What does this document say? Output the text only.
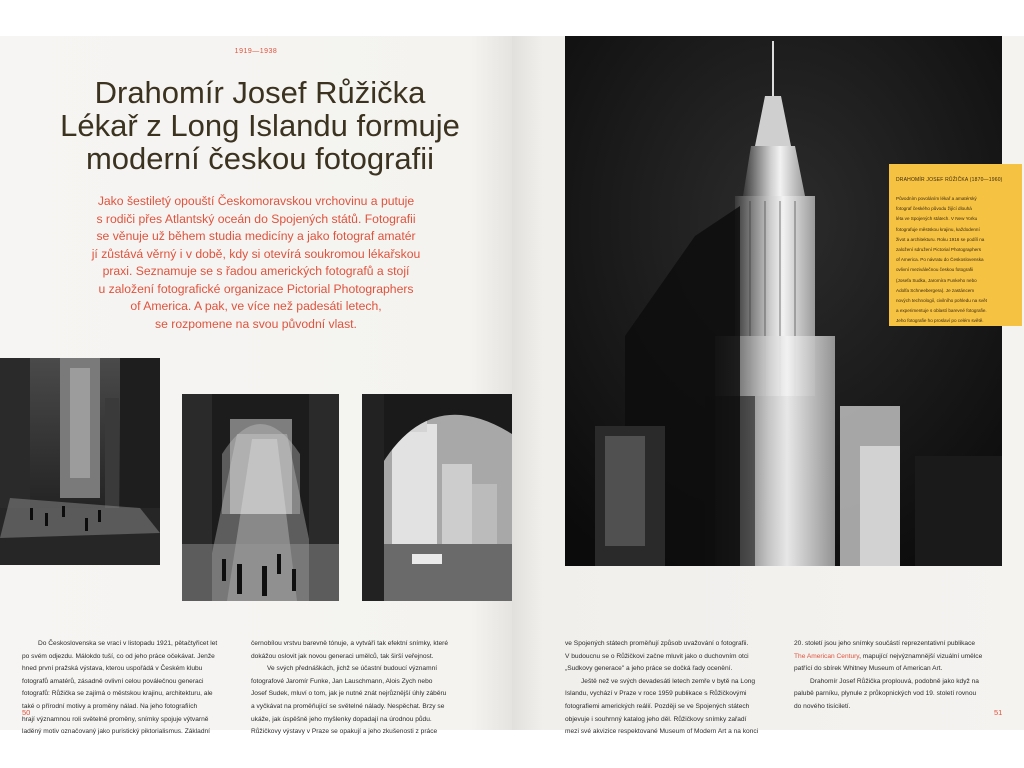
1919—1938
Drahomír Josef Růžička
Lékař z Long Islandu formuje
moderní českou fotografii

Jako šestiletý opouští Českomoravskou vrchovinu a putuje
s rodiči přes Atlantský oceán do Spojených států. Fotografii
se věnuje už během studia medicíny a jako fotograf amatér
jí zůstává věrný i v době, kdy si otevírá soukromou lékařskou
praxi. Seznamuje se s řadou amerických fotografů a stojí
u založení fotografické organizace Pictorial Photographers
of America. A pak, ve více než padesáti letech,
se rozpomene na svou původní vlast.

Do Československa se vrací v listopadu 1921, pětačtyřicet let
po svém odjezdu. Málokdo tuší, co od jeho práce očekávat. Jenže
hned první pražská výstava, kterou uspořádá v Českém klubu
fotografů amatérů, zásadně ovlivní celou poválečnou generaci
fotografů: Růžička se zajímá o městskou krajinu, architekturu, ale
také o přírodní motivy a proměny nálad. Na jeho fotografiích
hrají významnou roli světelné proměny, snímky spojuje výtvarně
laděný motiv označovaný jako puristický piktorialismus. Základní

černobílou vrstvu barevně tónuje, a vytváří tak efektní snímky, které
dokážou oslovit jak novou generaci umělců, tak širší veřejnost.
Ve svých přednáškách, jichž se účastní budoucí významní
fotografové Jaromír Funke, Jan Lauschmann, Alois Zych nebo
Josef Sudek, mluví o tom, jak je nutné znát nejrůznější úhly záběru
a vyčkávat na proměňující se světelné nálady. Nespěchat. Brzy se
ukáže, jak úspěšně jeho myšlenky dopadají na úrodnou půdu.
Růžičkovy výstavy v Praze se opakují a jeho zkušenosti z práce

50	51

ve Spojených státech proměňují způsob uvažování o fotografii.
V budoucnu se o Růžičkovi začne mluvit jako o duchovním otci
„Sudkovy generace" a jeho práce se dočká řady ocenění.
Ještě než ve svých devadesáti letech zemře v bytě na Long
Islandu, vychází v Praze v roce 1959 publikace s Růžičkovými
fotografiemi amerických reálií. Později se ve Spojených státech
objevuje i souhrnný katalog jeho děl. Růžičkovy snímky zařadí
mezi své akvizice respektované Museum of Modern Art a na konci

20. století jsou jeho snímky součástí reprezentativní publikace
The American Century, mapující nejvýznamnější vizuální umělce
patřící do sbírek Whitney Museum of American Art.
Drahomír Josef Růžička proplouvá, podobně jako když na
palubě parníku, plynule z průkopnických vod 19. století rovnou
do nového tisíciletí.

DRAHOMÍR JOSEF RŮŽIČKA (1870—1960)

Původním povoláním lékař a amatérský
fotograf českého původu žijící dlouhá
léta ve Spojených státech. V New Yorku
fotografuje městskou krajinu, každodenní
život a architekturu. Roku 1916 se podílí na
založení sdružení Pictorial Photographers
of America. Po návratu do Československa
ovlivní meziválečnou českou fotografii
(Josefa Sudka, Jaromíra Funkeho nebo
Adolfa Schneebergera). Je zastáncem
nových technologií, civilního pohledu na svět
a experimentuje s oblastí barevné fotografie.
Jeho fotografie ho proslaví po celém světě.
